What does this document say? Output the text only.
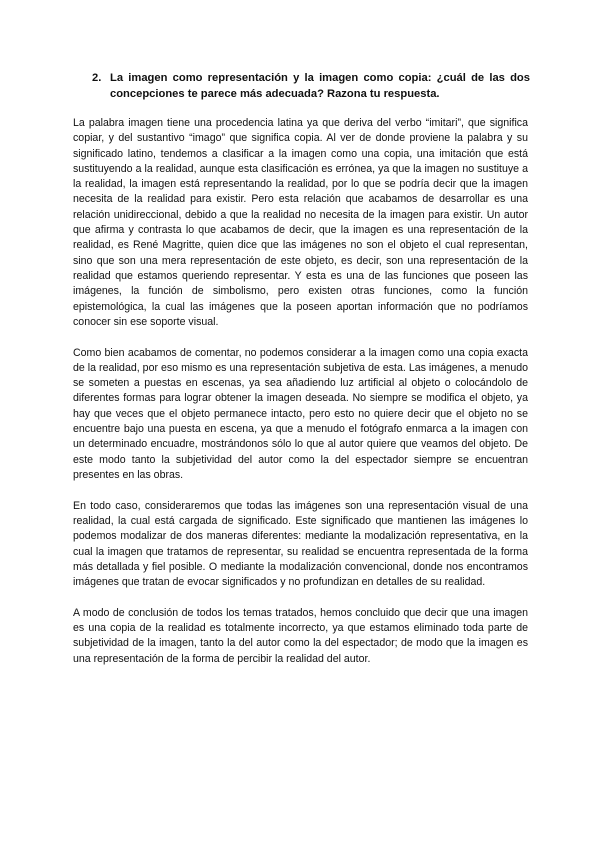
2. La imagen como representación y la imagen como copia: ¿cuál de las dos concepciones te parece más adecuada? Razona tu respuesta.

La palabra imagen tiene una procedencia latina ya que deriva del verbo “imitari”, que significa copiar, y del sustantivo “imago” que significa copia. Al ver de donde proviene la palabra y su significado latino, tendemos a clasificar a la imagen como una copia, una imitación que está sustituyendo a la realidad, aunque esta clasificación es errónea, ya que la imagen no sustituye a la realidad, la imagen está representando la realidad, por lo que se podría decir que la imagen necesita de la realidad para existir. Pero esta relación que acabamos de desarrollar es una relación unidireccional, debido a que la realidad no necesita de la imagen para existir. Un autor que afirma y contrasta lo que acabamos de decir, que la imagen es una representación de la realidad, es René Magritte, quien dice que las imágenes no son el objeto el cual representan, sino que son una mera representación de este objeto, es decir, son una representación de la realidad que estamos queriendo representar. Y esta es una de las funciones que poseen las imágenes, la función de simbolismo, pero existen otras funciones, como la función epistemológica, la cual las imágenes que la poseen aportan información que no podríamos conocer sin ese soporte visual.

Como bien acabamos de comentar, no podemos considerar a la imagen como una copia exacta de la realidad, por eso mismo es una representación subjetiva de esta. Las imágenes, a menudo se someten a puestas en escenas, ya sea añadiendo luz artificial al objeto o colocándolo de diferentes formas para lograr obtener la imagen deseada. No siempre se modifica el objeto, ya hay que veces que el objeto permanece intacto, pero esto no quiere decir que el objeto no se encuentre bajo una puesta en escena, ya que a menudo el fotógrafo enmarca a la imagen con un determinado encuadre, mostrándonos sólo lo que al autor quiere que veamos del objeto. De este modo tanto la subjetividad del autor como la del espectador siempre se encuentran presentes en las obras.

En todo caso, consideraremos que todas las imágenes son una representación visual de una realidad, la cual está cargada de significado. Este significado que mantienen las imágenes lo podemos modalizar de dos maneras diferentes: mediante la modalización representativa, en la cual la imagen que tratamos de representar, su realidad se encuentra representada de la forma más detallada y fiel posible. O mediante la modalización convencional, donde nos encontramos imágenes que tratan de evocar significados y no profundizan en detalles de su realidad.

A modo de conclusión de todos los temas tratados, hemos concluido que decir que una imagen es una copia de la realidad es totalmente incorrecto, ya que estamos eliminado toda parte de subjetividad de la imagen, tanto la del autor como la del espectador; de modo que la imagen es una representación de la forma de percibir la realidad del autor.
